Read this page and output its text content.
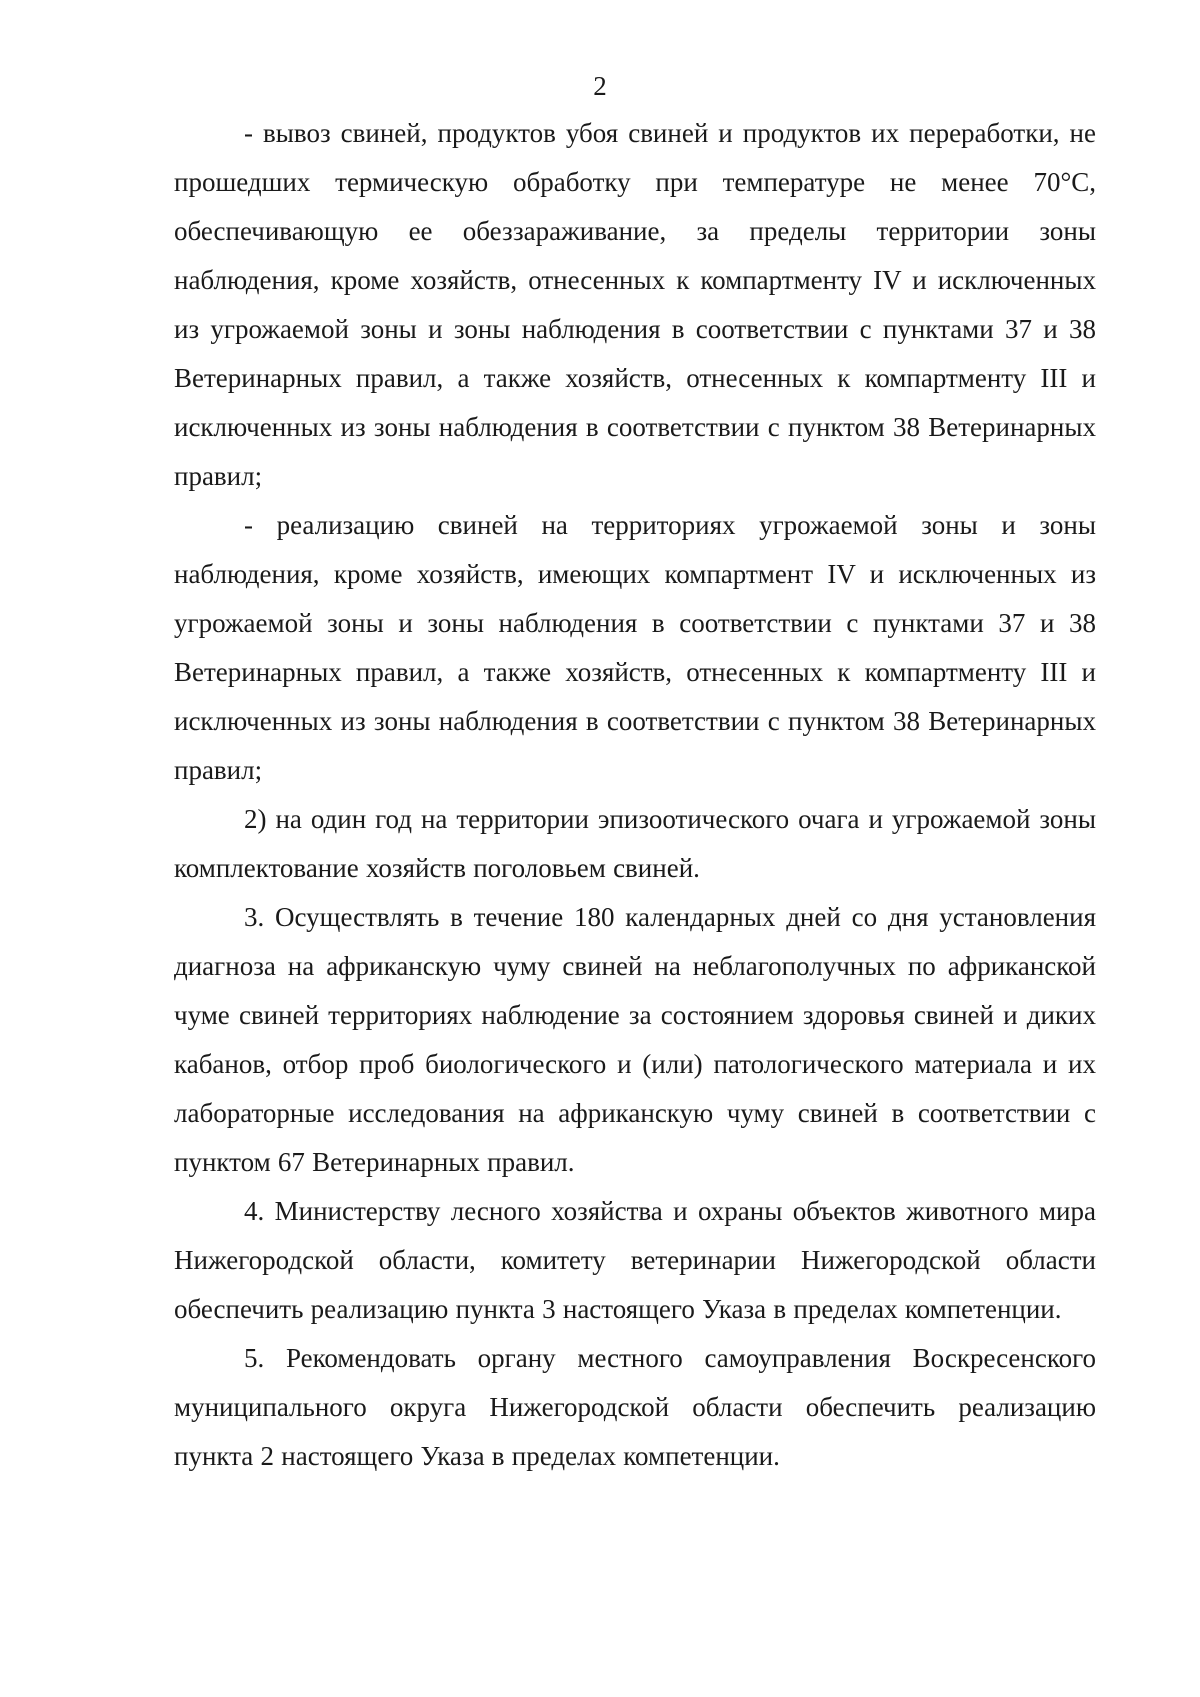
2

- вывоз свиней, продуктов убоя свиней и продуктов их переработки, не прошедших термическую обработку при температуре не менее 70°С, обеспечивающую ее обеззараживание, за пределы территории зоны наблюдения, кроме хозяйств, отнесенных к компартменту IV и исключенных из угрожаемой зоны и зоны наблюдения в соответствии с пунктами 37 и 38 Ветеринарных правил, а также хозяйств, отнесенных к компартменту III и исключенных из зоны наблюдения в соответствии с пунктом 38 Ветеринарных правил;

- реализацию свиней на территориях угрожаемой зоны и зоны наблюдения, кроме хозяйств, имеющих компартмент IV и исключенных из угрожаемой зоны и зоны наблюдения в соответствии с пунктами 37 и 38 Ветеринарных правил, а также хозяйств, отнесенных к компартменту III и исключенных из зоны наблюдения в соответствии с пунктом 38 Ветеринарных правил;

2) на один год на территории эпизоотического очага и угрожаемой зоны комплектование хозяйств поголовьем свиней.

3. Осуществлять в течение 180 календарных дней со дня установления диагноза на африканскую чуму свиней на неблагополучных по африканской чуме свиней территориях наблюдение за состоянием здоровья свиней и диких кабанов, отбор проб биологического и (или) патологического материала и их лабораторные исследования на африканскую чуму свиней в соответствии с пунктом 67 Ветеринарных правил.

4. Министерству лесного хозяйства и охраны объектов животного мира Нижегородской области, комитету ветеринарии Нижегородской области обеспечить реализацию пункта 3 настоящего Указа в пределах компетенции.

5. Рекомендовать органу местного самоуправления Воскресенского муниципального округа Нижегородской области обеспечить реализацию пункта 2 настоящего Указа в пределах компетенции.
